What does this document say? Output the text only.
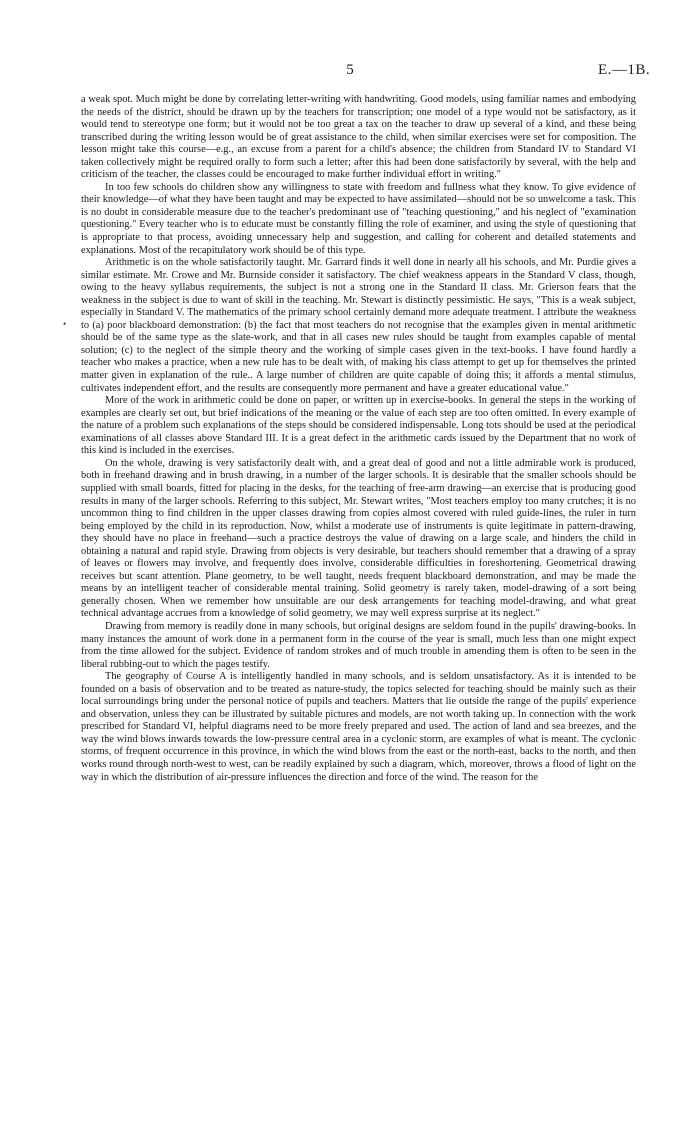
5	E.—1B.
•

a weak spot. Much might be done by correlating letter-writing with handwriting. Good models, using familiar names and embodying the needs of the district, should be drawn up by the teachers for transcription; one model of a type would not be satisfactory, as it would tend to stereotype one form; but it would not be too great a tax on the teacher to draw up several of a kind, and these being transcribed during the writing lesson would be of great assistance to the child, when similar exercises were set for composition. The lesson might take this course—e.g., an excuse from a parent for a child's absence; the children from Standard IV to Standard VI taken collectively might be required orally to form such a letter; after this had been done satisfactorily by several, with the help and criticism of the teacher, the classes could be encouraged to make further individual effort in writing."

In too few schools do children show any willingness to state with freedom and fullness what they know. To give evidence of their knowledge—of what they have been taught and may be expected to have assimilated—should not be so unwelcome a task. This is no doubt in considerable measure due to the teacher's predominant use of "teaching questioning," and his neglect of "examination questioning." Every teacher who is to educate must be constantly filling the role of examiner, and using the style of questioning that is appropriate to that process, avoiding unnecessary help and suggestion, and calling for coherent and detailed statements and explanations. Most of the recapitulatory work should be of this type.

Arithmetic is on the whole satisfactorily taught. Mr. Garrard finds it well done in nearly all his schools, and Mr. Purdie gives a similar estimate. Mr. Crowe and Mr. Burnside consider it satisfactory. The chief weakness appears in the Standard V class, though, owing to the heavy syllabus requirements, the subject is not a strong one in the Standard II class. Mr. Grierson fears that the weakness in the subject is due to want of skill in the teaching. Mr. Stewart is distinctly pessimistic. He says, "This is a weak subject, especially in Standard V. The mathematics of the primary school certainly demand more adequate treatment. I attribute the weakness to (a) poor blackboard demonstration: (b) the fact that most teachers do not recognise that the examples given in mental arithmetic should be of the same type as the slate-work, and that in all cases new rules should be taught from examples capable of mental solution; (c) to the neglect of the simple theory and the working of simple cases given in the text-books. I have found hardly a teacher who makes a practice, when a new rule has to be dealt with, of making his class attempt to get up for themselves the printed matter given in explanation of the rule.. A large number of children are quite capable of doing this; it affords a mental stimulus, cultivates independent effort, and the results are consequently more permanent and have a greater educational value."

More of the work in arithmetic could be done on paper, or written up in exercise-books. In general the steps in the working of examples are clearly set out, but brief indications of the meaning or the value of each step are too often omitted. In every example of the nature of a problem such explanations of the steps should be considered indispensable. Long tots should be used at the periodical examinations of all classes above Standard III. It is a great defect in the arithmetic cards issued by the Department that no work of this kind is included in the exercises.

On the whole, drawing is very satisfactorily dealt with, and a great deal of good and not a little admirable work is produced, both in freehand drawing and in brush drawing, in a number of the larger schools. It is desirable that the smaller schools should be supplied with small boards, fitted for placing in the desks, for the teaching of free-arm drawing—an exercise that is producing good results in many of the larger schools. Referring to this subject, Mr. Stewart writes, "Most teachers employ too many crutches; it is no uncommon thing to find children in the upper classes drawing from copies almost covered with ruled guide-lines, the ruler in turn being employed by the child in its reproduction. Now, whilst a moderate use of instruments is quite legitimate in pattern-drawing, they should have no place in freehand—such a practice destroys the value of drawing on a large scale, and hinders the child in obtaining a natural and rapid style. Drawing from objects is very desirable, but teachers should remember that a drawing of a spray of leaves or flowers may involve, and frequently does involve, considerable difficulties in foreshortening. Geometrical drawing receives but scant attention. Plane geometry, to be well taught, needs frequent blackboard demonstration, and may be made the means by an intelligent teacher of considerable mental training. Solid geometry is rarely taken, model-drawing of a sort being generally chosen. When we remember how unsuitable are our desk arrangements for teaching model-drawing, and what great technical advantage accrues from a knowledge of solid geometry, we may well express surprise at its neglect."

Drawing from memory is readily done in many schools, but original designs are seldom found in the pupils' drawing-books. In many instances the amount of work done in a permanent form in the course of the year is small, much less than one might expect from the time allowed for the subject. Evidence of random strokes and of much trouble in amending them is often to be seen in the liberal rubbing-out to which the pages testify.

The geography of Course A is intelligently handled in many schools, and is seldom unsatisfactory. As it is intended to be founded on a basis of observation and to be treated as nature-study, the topics selected for teaching should be mainly such as their local surroundings bring under the personal notice of pupils and teachers. Matters that lie outside the range of the pupils' experience and observation, unless they can be illustrated by suitable pictures and models, are not worth taking up. In connection with the work prescribed for Standard VI, helpful diagrams need to be more freely prepared and used. The action of land and sea breezes, and the way the wind blows inwards towards the low-pressure central area in a cyclonic storm, are examples of what is meant. The cyclonic storms, of frequent occurrence in this province, in which the wind blows from the east or the north-east, backs to the north, and then works round through north-west to west, can be readily explained by such a diagram, which, moreover, throws a flood of light on the way in which the distribution of air-pressure influences the direction and force of the wind. The reason for the
